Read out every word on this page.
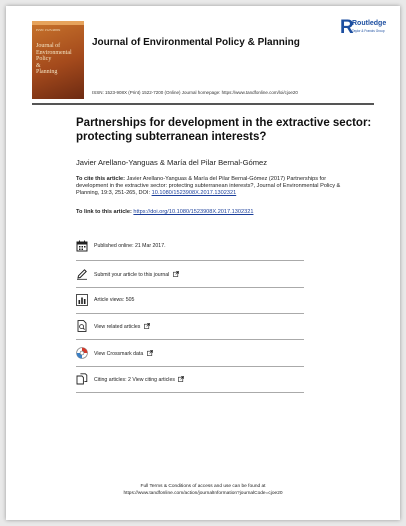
ISSN 1523-908X
Journal of
Environmental
Policy
&
Planning
Journal of Environmental Policy & Planning
R
Routledge
Taylor & Francis Group
ISSN: 1523-908X (Print) 1522-7200 (Online) Journal homepage: https://www.tandfonline.com/loi/cjoe20
Partnerships for development in the extractive sector: protecting subterranean interests?
Javier Arellano-Yanguas & María del Pilar Bernal-Gómez
To cite this article: Javier Arellano-Yanguas & María del Pilar Bernal-Gómez (2017) Partnerships for development in the extractive sector: protecting subterranean interests?, Journal of Environmental Policy & Planning, 19:3, 251-265, DOI: 10.1080/1523908X.2017.1302321
To link to this article: https://doi.org/10.1080/1523908X.2017.1302321
Published online: 21 Mar 2017.
Submit your article to this journal
Article views: 505
View related articles
View Crossmark data
Citing articles: 2 View citing articles
Full Terms & Conditions of access and use can be found at
https://www.tandfonline.com/action/journalInformation?journalCode=cjoe20
